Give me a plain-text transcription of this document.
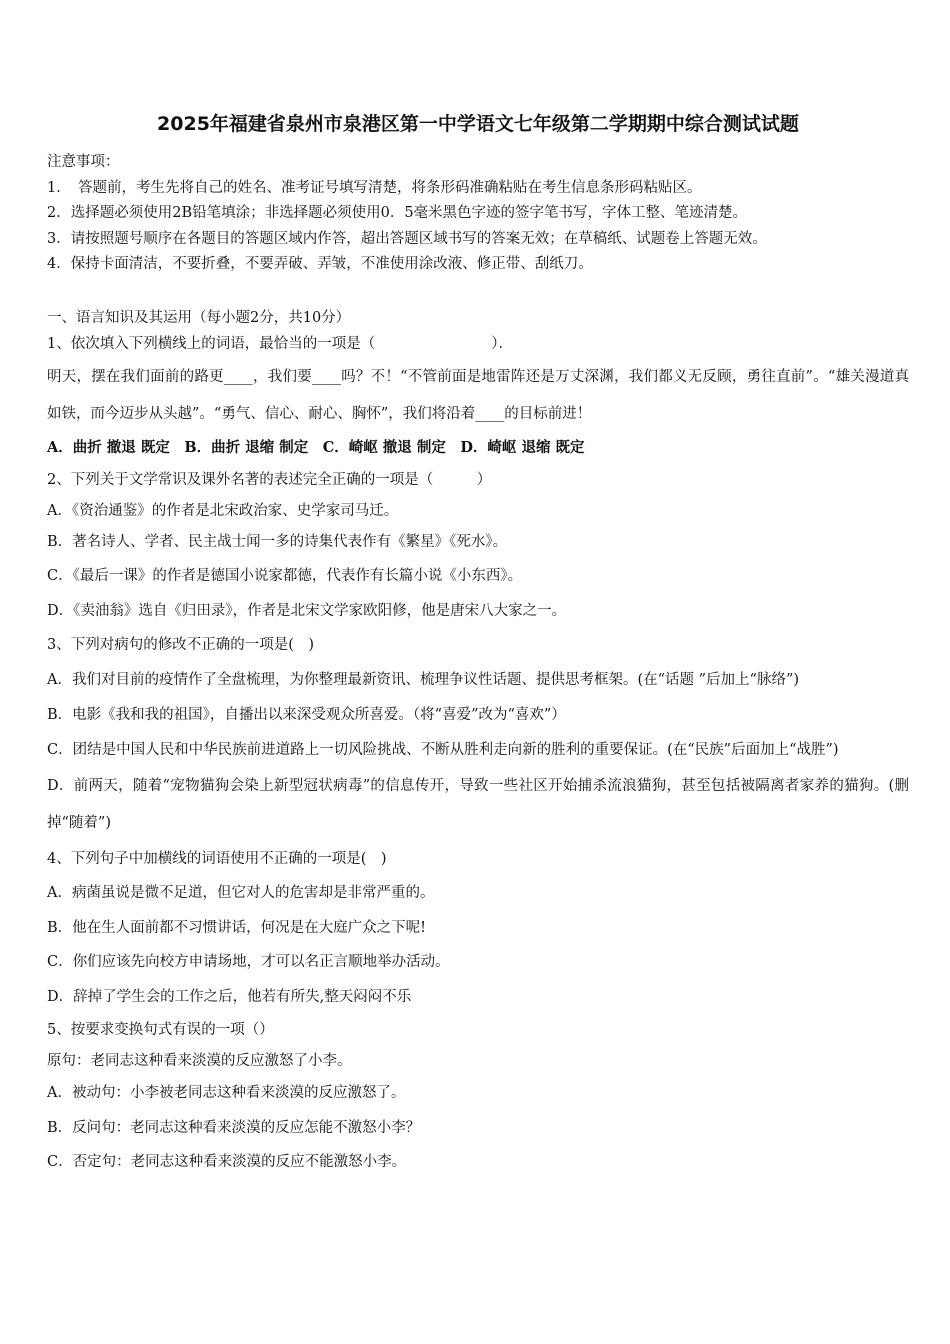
2025年福建省泉州市泉港区第一中学语文七年级第二学期期中综合测试试题
注意事项：
1．　答题前，考生先将自己的姓名、准考证号填写清楚，将条形码准确粘贴在考生信息条形码粘贴区。
2．选择题必须使用2B铅笔填涂；非选择题必须使用0．5毫米黑色字迹的签字笔书写，字体工整、笔迹清楚。
3．请按照题号顺序在各题目的答题区域内作答，超出答题区域书写的答案无效；在草稿纸、试题卷上答题无效。
4．保持卡面清洁，不要折叠，不要弄破、弄皱，不准使用涂改液、修正带、刮纸刀。
一、语言知识及其运用（每小题2分，共10分）
1、依次填入下列横线上的词语，最恰当的一项是（　　　　　　　　）．
明天，摆在我们面前的路更____，我们要____吗？不！“不管前面是地雷阵还是万丈深渊，我们都义无反顾，勇往直前”。“雄关漫道真如铁，而今迈步从头越”。“勇气、信心、耐心、胸怀”，我们将沿着____的目标前进！
A．曲折 撤退 既定　B．曲折 退缩 制定　C．崎岖 撤退 制定　D．崎岖 退缩 既定
2、下列关于文学常识及课外名著的表述完全正确的一项是（　　　）
A．《资治通鉴》的作者是北宋政治家、史学家司马迁。
B．著名诗人、学者、民主战士闻一多的诗集代表作有《繁星》《死水》。
C．《最后一课》的作者是德国小说家都德，代表作有长篇小说《小东西》。
D．《卖油翁》选自《归田录》，作者是北宋文学家欧阳修，他是唐宋八大家之一。
3、下列对病句的修改不正确的一项是(　)
A．我们对目前的疫情作了全盘梳理，为你整理最新资讯、梳理争议性话题、提供思考框架。(在“话题 ”后加上“脉络”)
B．电影《我和我的祖国》，自播出以来深受观众所喜爱。（将“喜爱”改为“喜欢”）
C．团结是中国人民和中华民族前进道路上一切风险挑战、不断从胜利走向新的胜利的重要保证。(在“民族”后面加上“战胜”)
D．前两天，随着“宠物猫狗会染上新型冠状病毒”的信息传开，导致一些社区开始捕杀流浪猫狗，甚至包括被隔离者家养的猫狗。(删掉“随着”)
4、下列句子中加横线的词语使用不正确的一项是(　)
A．病菌虽说是微不足道，但它对人的危害却是非常严重的。
B．他在生人面前都不习惯讲话，何况是在大庭广众之下呢!
C．你们应该先向校方申请场地，才可以名正言顺地举办活动。
D．辞掉了学生会的工作之后，他若有所失,整天闷闷不乐
5、按要求变换句式有误的一项（）
原句：老同志这种看来淡漠的反应激怒了小李。
A．被动句：小李被老同志这种看来淡漠的反应激怒了。
B．反问句：老同志这种看来淡漠的反应怎能不激怒小李？
C．否定句：老同志这种看来淡漠的反应不能激怒小李。
